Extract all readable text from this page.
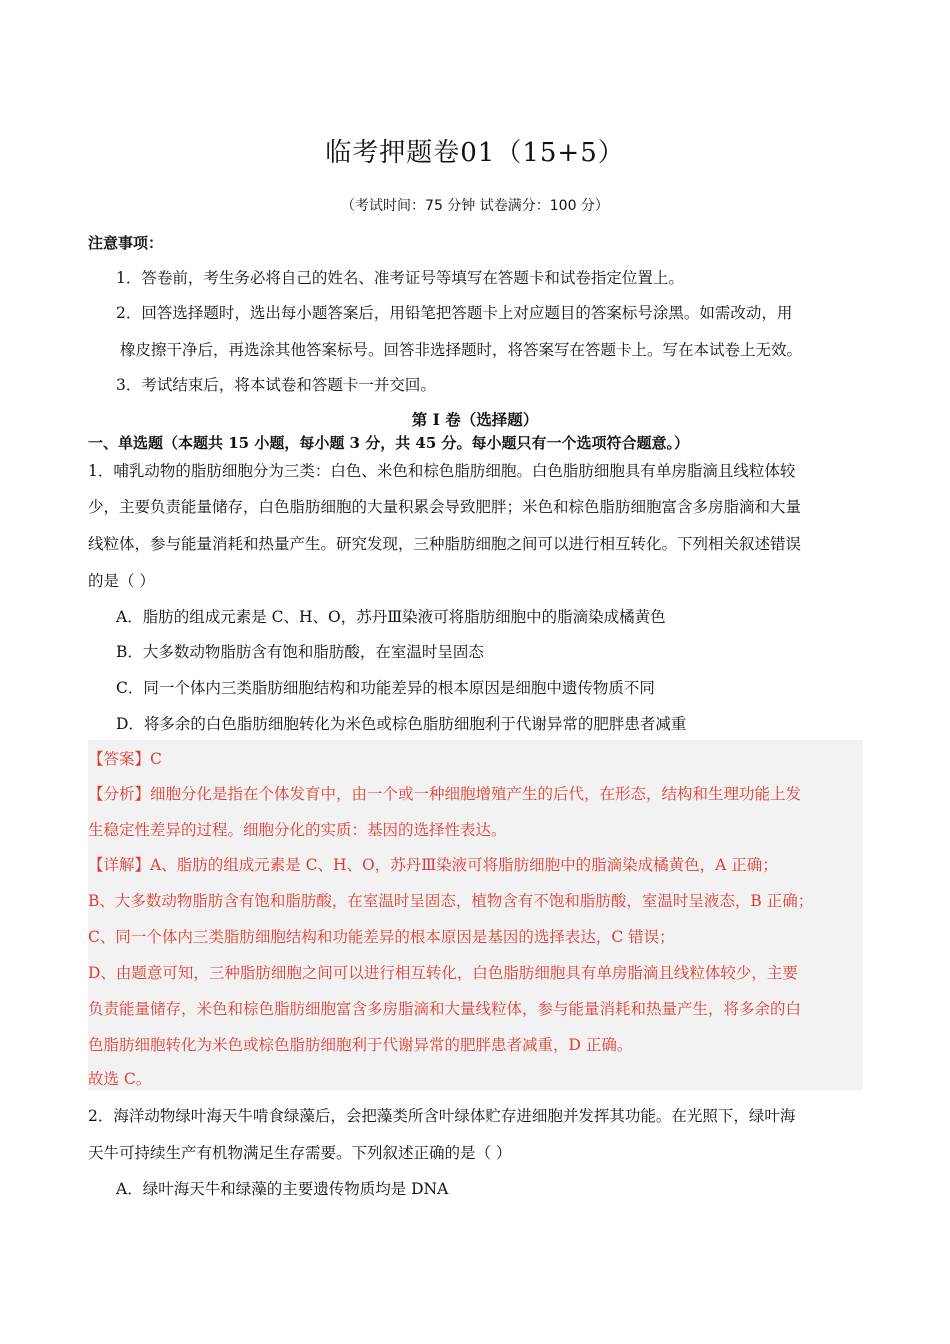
临考押题卷01（15+5）
（考试时间：75 分钟 试卷满分：100 分）
注意事项：
1．答卷前，考生务必将自己的姓名、准考证号等填写在答题卡和试卷指定位置上。
2．回答选择题时，选出每小题答案后，用铅笔把答题卡上对应题目的答案标号涂黑。如需改动，用
橡皮擦干净后，再选涂其他答案标号。回答非选择题时，将答案写在答题卡上。写在本试卷上无效。
3．考试结束后，将本试卷和答题卡一并交回。
第 I 卷（选择题）
一、单选题（本题共 15 小题，每小题 3 分，共 45 分。每小题只有一个选项符合题意。）
1．哺乳动物的脂肪细胞分为三类：白色、米色和棕色脂肪细胞。白色脂肪细胞具有单房脂滴且线粒体较
少，主要负责能量储存，白色脂肪细胞的大量积累会导致肥胖；米色和棕色脂肪细胞富含多房脂滴和大量
线粒体，参与能量消耗和热量产生。研究发现，三种脂肪细胞之间可以进行相互转化。下列相关叙述错误
的是（ ）
A．脂肪的组成元素是 C、H、O，苏丹Ⅲ染液可将脂肪细胞中的脂滴染成橘黄色
B．大多数动物脂肪含有饱和脂肪酸，在室温时呈固态
C．同一个体内三类脂肪细胞结构和功能差异的根本原因是细胞中遗传物质不同
D．将多余的白色脂肪细胞转化为米色或棕色脂肪细胞利于代谢异常的肥胖患者减重
【答案】C
【分析】细胞分化是指在个体发育中，由一个或一种细胞增殖产生的后代，在形态，结构和生理功能上发
生稳定性差异的过程。细胞分化的实质：基因的选择性表达。
【详解】A、脂肪的组成元素是 C、H、O，苏丹Ⅲ染液可将脂肪细胞中的脂滴染成橘黄色，A 正确；
B、大多数动物脂肪含有饱和脂肪酸，在室温时呈固态，植物含有不饱和脂肪酸，室温时呈液态，B 正确；
C、同一个体内三类脂肪细胞结构和功能差异的根本原因是基因的选择表达，C 错误；
D、由题意可知，三种脂肪细胞之间可以进行相互转化，白色脂肪细胞具有单房脂滴且线粒体较少，主要
负责能量储存，米色和棕色脂肪细胞富含多房脂滴和大量线粒体，参与能量消耗和热量产生，将多余的白
色脂肪细胞转化为米色或棕色脂肪细胞利于代谢异常的肥胖患者减重，D 正确。
故选 C。
2．海洋动物绿叶海天牛啃食绿藻后，会把藻类所含叶绿体贮存进细胞并发挥其功能。在光照下，绿叶海
天牛可持续生产有机物满足生存需要。下列叙述正确的是（ ）
A．绿叶海天牛和绿藻的主要遗传物质均是 DNA
